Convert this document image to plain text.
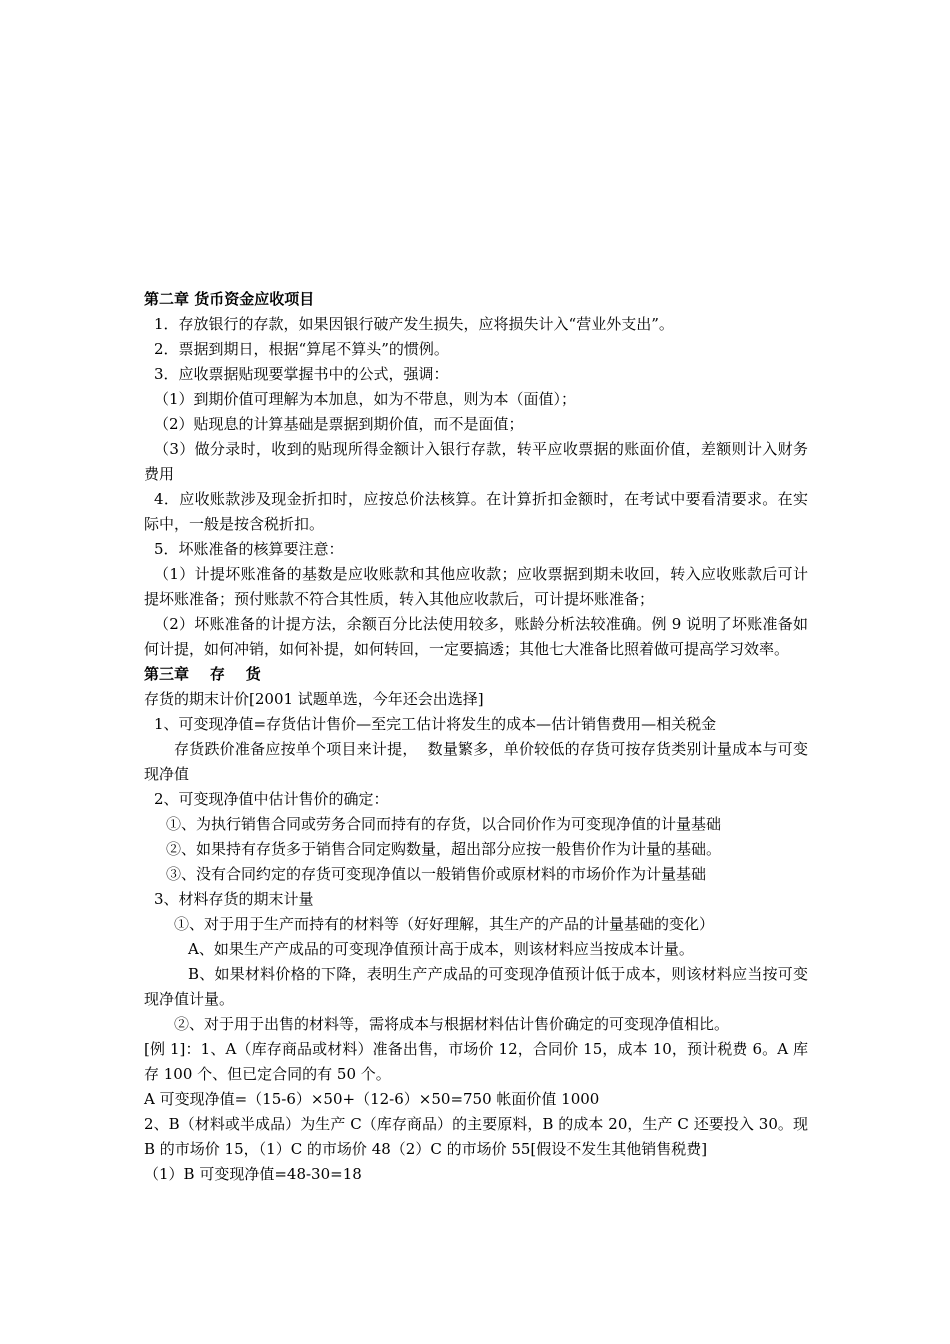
第二章 货币资金应收项目
1．存放银行的存款，如果因银行破产发生损失，应将损失计入“营业外支出”。
2．票据到期日，根据“算尾不算头”的惯例。
3．应收票据贴现要掌握书中的公式，强调：
（1）到期价值可理解为本加息，如为不带息，则为本（面值）；
（2）贴现息的计算基础是票据到期价值，而不是面值；
（3）做分录时，收到的贴现所得金额计入银行存款，转平应收票据的账面价值，差额则计入财务费用
4．应收账款涉及现金折扣时，应按总价法核算。在计算折扣金额时，在考试中要看清要求。在实际中，一般是按含税折扣。
5．坏账准备的核算要注意：
（1）计提坏账准备的基数是应收账款和其他应收款；应收票据到期未收回，转入应收账款后可计提坏账准备；预付账款不符合其性质，转入其他应收款后，可计提坏账准备；
（2）坏账准备的计提方法，余额百分比法使用较多，账龄分析法较准确。例 9 说明了坏账准备如何计提，如何冲销，如何补提，如何转回，一定要搞透；其他七大准备比照着做可提高学习效率。
第三章    存    货
存货的期末计价[2001 试题单选，今年还会出选择]
1、可变现净值=存货估计售价—至完工估计将发生的成本—估计销售费用—相关税金
存货跌价准备应按单个项目来计提，  数量繁多，单价较低的存货可按存货类别计量成本与可变现净值
2、可变现净值中估计售价的确定：
①、为执行销售合同或劳务合同而持有的存货，以合同价作为可变现净值的计量基础
②、如果持有存货多于销售合同定购数量，超出部分应按一般售价作为计量的基础。
③、没有合同约定的存货可变现净值以一般销售价或原材料的市场价作为计量基础
3、材料存货的期末计量
①、对于用于生产而持有的材料等（好好理解，其生产的产品的计量基础的变化）
A、如果生产产成品的可变现净值预计高于成本，则该材料应当按成本计量。
B、如果材料价格的下降，表明生产产成品的可变现净值预计低于成本，则该材料应当按可变现净值计量。
②、对于用于出售的材料等，需将成本与根据材料估计售价确定的可变现净值相比。
[例 1]：1、A（库存商品或材料）准备出售，市场价 12，合同价 15，成本 10，预计税费 6。A 库存 100 个、但已定合同的有 50 个。
A 可变现净值=（15-6）×50+（12-6）×50=750 帐面价值 1000
2、B（材料或半成品）为生产 C（库存商品）的主要原料，B 的成本 20，生产 C 还要投入 30。现 B 的市场价 15，（1）C 的市场价 48（2）C 的市场价 55[假设不发生其他销售税费]
（1）B 可变现净值=48-30=18
